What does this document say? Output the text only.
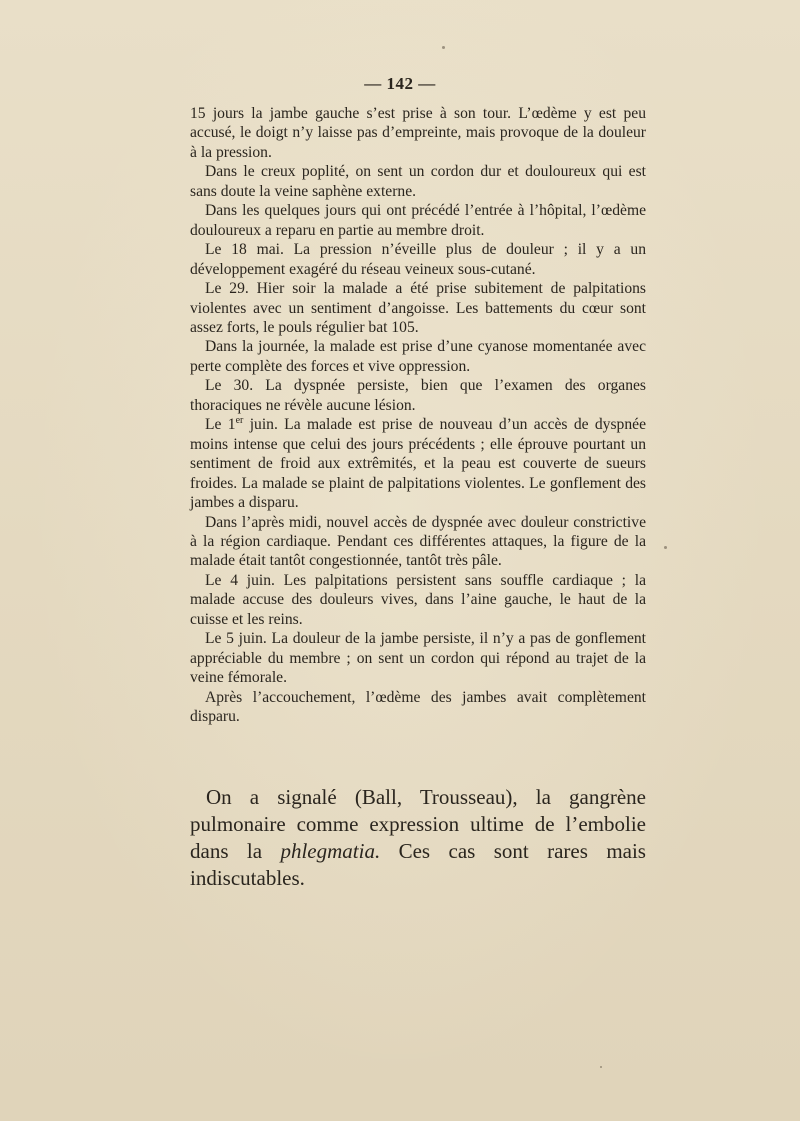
— 142 —

15 jours la jambe gauche s’est prise à son tour. L’œdème y est peu accusé, le doigt n’y laisse pas d’empreinte, mais provoque de la douleur à la pression.

Dans le creux poplité, on sent un cordon dur et douloureux qui est sans doute la veine saphène externe.

Dans les quelques jours qui ont précédé l’entrée à l’hôpital, l’œdème douloureux a reparu en partie au membre droit.

Le 18 mai. La pression n’éveille plus de douleur ; il y a un développement exagéré du réseau veineux sous-cutané.

Le 29. Hier soir la malade a été prise subitement de palpitations violentes avec un sentiment d’angoisse. Les battements du cœur sont assez forts, le pouls régulier bat 105.

Dans la journée, la malade est prise d’une cyanose momentanée avec perte complète des forces et vive oppression.

Le 30. La dyspnée persiste, bien que l’examen des organes thoraciques ne révèle aucune lésion.

Le 1er juin. La malade est prise de nouveau d’un accès de dyspnée moins intense que celui des jours précédents ; elle éprouve pourtant un sentiment de froid aux extrêmités, et la peau est couverte de sueurs froides. La malade se plaint de palpitations violentes. Le gonflement des jambes a disparu.

Dans l’après midi, nouvel accès de dyspnée avec douleur constrictive à la région cardiaque. Pendant ces différentes attaques, la figure de la malade était tantôt congestionnée, tantôt très pâle.

Le 4 juin. Les palpitations persistent sans souffle cardiaque ; la malade accuse des douleurs vives, dans l’aine gauche, le haut de la cuisse et les reins.

Le 5 juin. La douleur de la jambe persiste, il n’y a pas de gonflement appréciable du membre ; on sent un cordon qui répond au trajet de la veine fémorale.

Après l’accouchement, l’œdème des jambes avait complètement disparu.

On a signalé (Ball, Trousseau), la gangrène pulmonaire comme expression ultime de l’embolie dans la phlegmatia. Ces cas sont rares mais indiscutables.
